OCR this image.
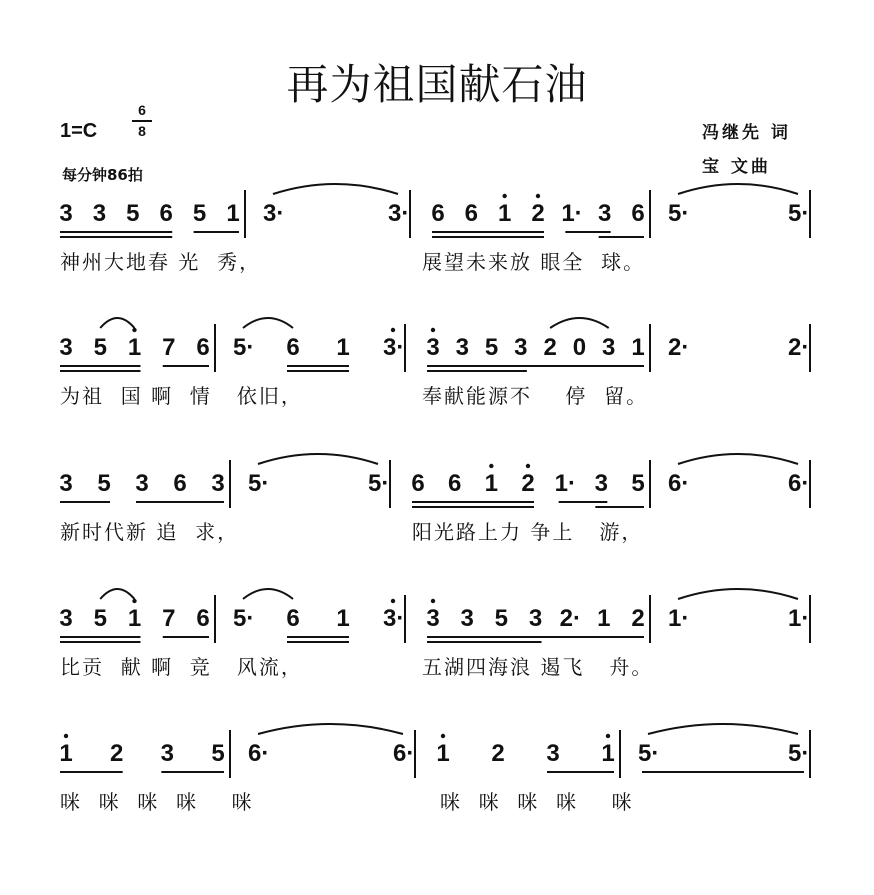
再为祖国献石油
1=C
6
8
每分钟86拍
冯继先 词
宝 文曲
3 3 5 6 5 1 3·	3· 6 6 1 2 1· 3 6 5·	5·
神州大地春 光  秀，	展望未来放 眼全  球。
3 5 1 7 6 5· 6 1 3· 3 3 5 3 2 0 3 1 2·	2·
为祖  国 啊  情   依旧，	奉献能源不    停  留。
3 5 3 6 3 5·	5· 6 6 1 2 1· 3 5 6·	6·
新时代新 追  求，	阳光路上力 争上   游，
3 5 1 7 6 5· 6 1 3· 3 3 5 3 2· 1 2 1·	1·
比贡  献 啊  竞   风流，	五湖四海浪 遏飞   舟。
1 2 3 5 6·	6· 1 2 3 1 5·	5·
咪  咪  咪  咪    咪	咪  咪  咪  咪    咪
